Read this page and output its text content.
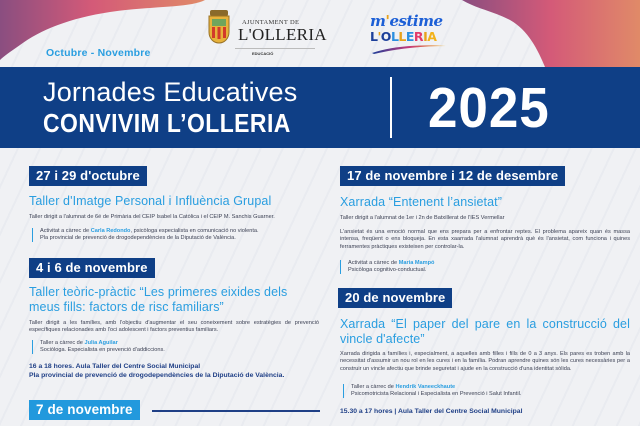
AJUNTAMENT DE
L'OLLERIA
EDUCACIÓ
m'estime
L'OLLERIA
Octubre - Novembre
Jornades Educatives
CONVIVIM L’OLLERIA 2025
27 i 29 d'octubre
Taller d'Imatge Personal i Influència Grupal
Taller dirigit a l'alumnat de 6é de Primària del CEIP Isabel la Catòlica i el CEIP M. Sanchis Guarner.
Activitat a càrrec de Carla Redondo, psicòloga especialista en comunicació no violenta.
Pla provincial de prevenció de drogodependències de la Diputació de València.
4 i 6 de novembre
Taller teòric-pràctic “Les primeres eixides dels meus fills: factors de risc familiars”
Taller dirigit a les famílies, amb l'objectiu d'augmentar el seu coneixement sobre estratègies de prevenció específiques relacionades amb l'oci adolescent i factors preventius familiars.
Taller a càrrec de Julia Aguilar
Sociòloga. Especialista en prevenció d'addiccions.
16 a 18 hores. Aula Taller del Centre Social Municipal
Pla provincial de prevenció de drogodependències de la Diputació de València.
7 de novembre
17 de novembre i 12 de desembre
Xarrada “Entenent l’ansietat”
Taller dirigit a l'alumnat de 1er i 2n de Batxillerat de l'IES Vermellar
L'ansietat és una emoció normal que ens prepara per a enfrontar reptes. El problema apareix quan és massa intensa, freqüent o ens bloqueja. En esta xaarrada l'alumnat aprendrà què és l'ansietat, com funciona i quines ferramentes pràctiques existeixen per controlar-la.
Activitat a càrrec de Maria Mampó
Psicòloga cognitivo-conductual.
20 de novembre
Xarrada “El paper del pare en la construcció del vincle d'afecte”
Xarrada dirigida a famílies i, especialment, a aquelles amb filles i fills de 0 a 3 anys. Els pares es troben amb la necessitat d'assumir un nou rol en les cures i en la família. Podran aprendre quines són les cures necessàries per a construir un vincle afectiu que brinde seguretat i ajude en la construcció d'una identitat sòlida.
Taller a càrrec de Hendrik Vaneeckhaute
Psicomotricista Relacional i Especialista en Prevenció i Salut Infantil.
15.30 a 17 hores | Aula Taller del Centre Social Municipal
